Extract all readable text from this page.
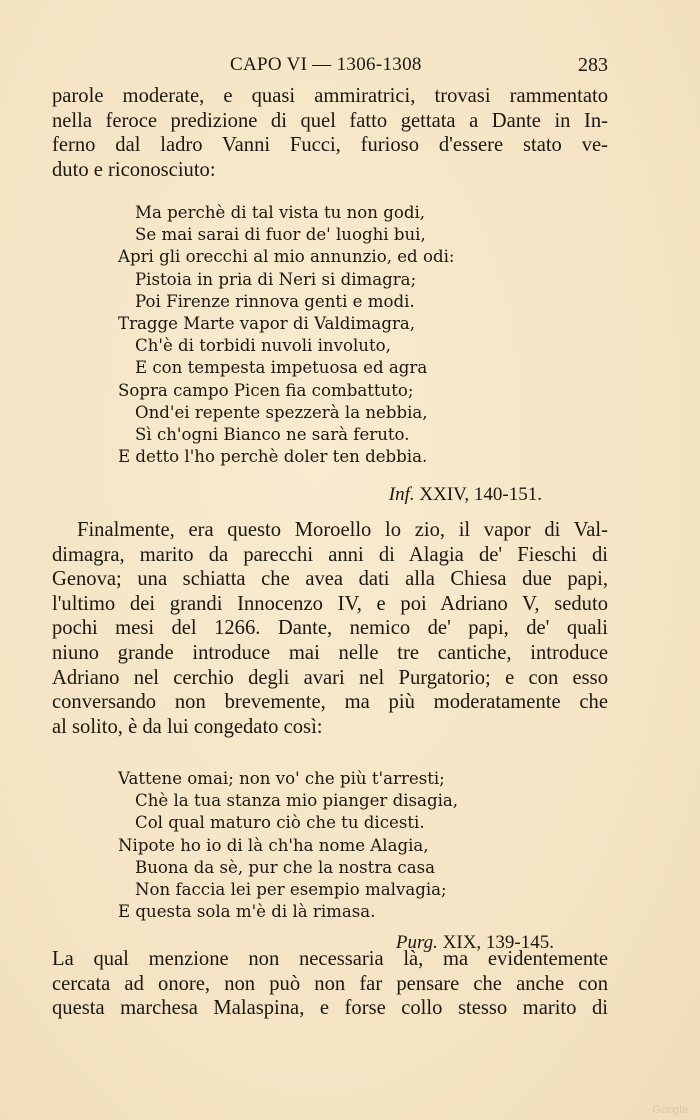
CAPO VI — 1306-1308	283
parole moderate, e quasi ammiratrici, trovasi rammentato
nella feroce predizione di quel fatto gettata a Dante in In-
ferno dal ladro Vanni Fucci, furioso d'essere stato ve-
duto e riconosciuto:
Ma perchè di tal vista tu non godi,
Se mai sarai di fuor de' luoghi bui,
Apri gli orecchi al mio annunzio, ed odi:
Pistoia in pria di Neri si dimagra;
Poi Firenze rinnova genti e modi.
Tragge Marte vapor di Valdimagra,
Ch'è di torbidi nuvoli involuto,
E con tempesta impetuosa ed agra
Sopra campo Picen fia combattuto;
Ond'ei repente spezzerà la nebbia,
Sì ch'ogni Bianco ne sarà feruto.
E detto l'ho perchè doler ten debbia.
Inf. XXIV, 140-151.
Finalmente, era questo Moroello lo zio, il vapor di Val-
dimagra, marito da parecchi anni di Alagia de' Fieschi di
Genova; una schiatta che avea dati alla Chiesa due papi,
l'ultimo dei grandi Innocenzo IV, e poi Adriano V, seduto
pochi mesi del 1266. Dante, nemico de' papi, de' quali
niuno grande introduce mai nelle tre cantiche, introduce
Adriano nel cerchio degli avari nel Purgatorio; e con esso
conversando non brevemente, ma più moderatamente che
al solito, è da lui congedato così:
Vattene omai; non vo' che più t'arresti;
Chè la tua stanza mio pianger disagia,
Col qual maturo ciò che tu dicesti.
Nipote ho io di là ch'ha nome Alagia,
Buona da sè, pur che la nostra casa
Non faccia lei per esempio malvagia;
E questa sola m'è di là rimasa.
Purg. XIX, 139-145.
La qual menzione non necessaria là, ma evidentemente
cercata ad onore, non può non far pensare che anche con
questa marchesa Malaspina, e forse collo stesso marito di
Google
